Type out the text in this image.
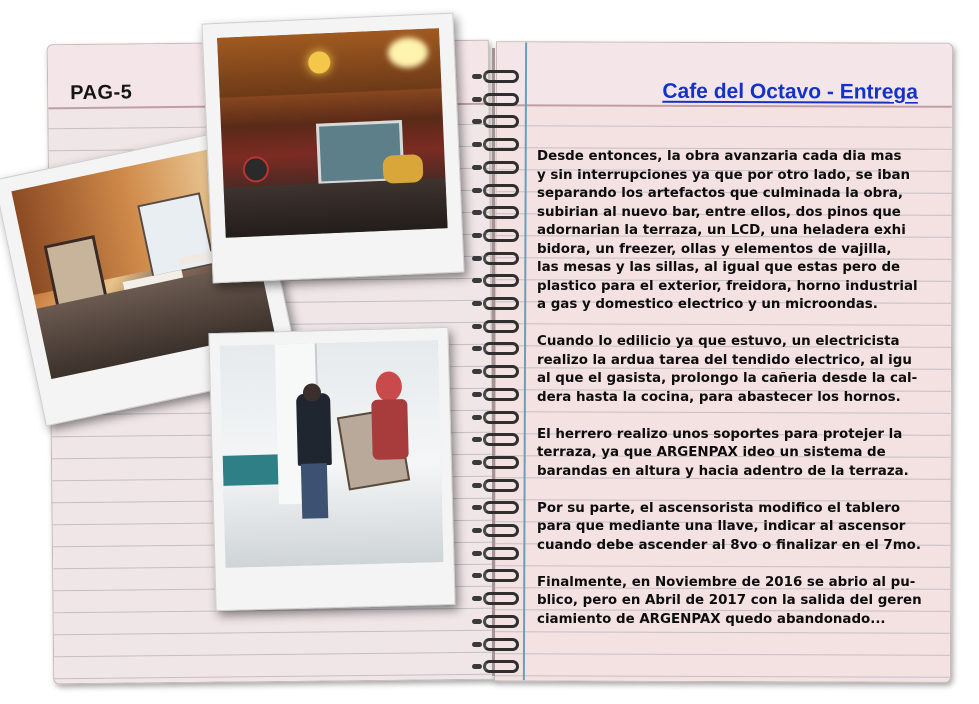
PAG-5	Cafe del Octavo - Entrega

Desde entonces, la obra avanzaria cada dia mas
y sin interrupciones ya que por otro lado, se iban
separando los artefactos que culminada la obra,
subirian al nuevo bar, entre ellos, dos pinos que
adornarian la terraza, un LCD, una heladera exhi
bidora, un freezer, ollas y elementos de vajilla,
las mesas y las sillas, al igual que estas pero de
plastico para el exterior, freidora, horno industrial
a gas y domestico electrico y un microondas.

Cuando lo edilicio ya que estuvo, un electricista
realizo la ardua tarea del tendido electrico, al igu
al que el gasista, prolongo la cañeria desde la cal-
dera hasta la cocina, para abastecer los hornos.

El herrero realizo unos soportes para protejer la
terraza, ya que ARGENPAX ideo un sistema de
barandas en altura y hacia adentro de la terraza.

Por su parte, el ascensorista modifico el tablero
para que mediante una llave, indicar al ascensor
cuando debe ascender al 8vo o finalizar en el 7mo.

Finalmente, en Noviembre de 2016 se abrio al pu-
blico, pero en Abril de 2017 con la salida del geren
ciamiento de ARGENPAX quedo abandonado...
